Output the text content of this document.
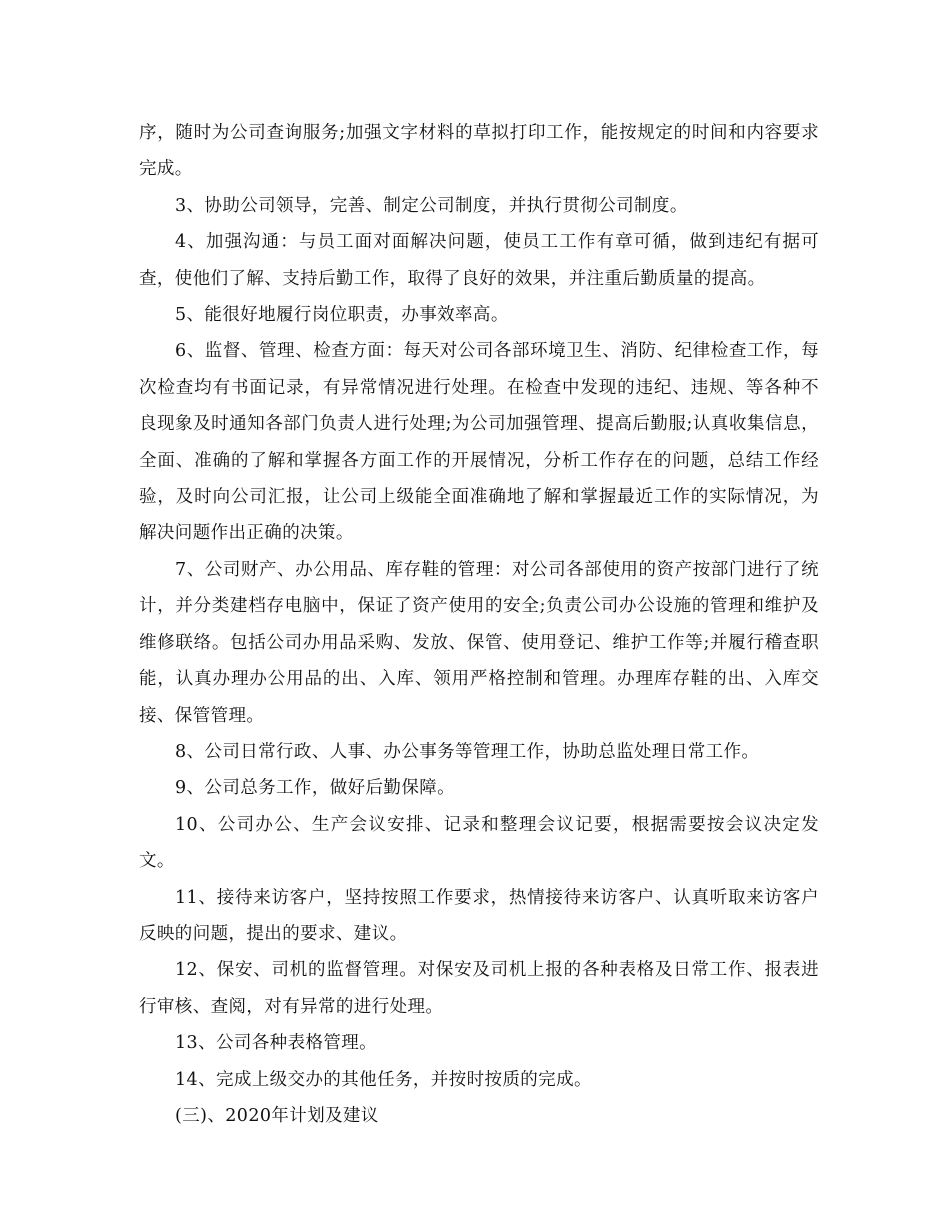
序，随时为公司查询服务;加强文字材料的草拟打印工作，能按规定的时间和内容要求完成。

3、协助公司领导，完善、制定公司制度，并执行贯彻公司制度。

4、加强沟通：与员工面对面解决问题，使员工工作有章可循，做到违纪有据可查，使他们了解、支持后勤工作，取得了良好的效果，并注重后勤质量的提高。

5、能很好地履行岗位职责，办事效率高。

6、监督、管理、检查方面：每天对公司各部环境卫生、消防、纪律检查工作，每次检查均有书面记录，有异常情况进行处理。在检查中发现的违纪、违规、等各种不良现象及时通知各部门负责人进行处理;为公司加强管理、提高后勤服;认真收集信息，全面、准确的了解和掌握各方面工作的开展情况，分析工作存在的问题，总结工作经验，及时向公司汇报，让公司上级能全面准确地了解和掌握最近工作的实际情况，为解决问题作出正确的决策。

7、公司财产、办公用品、库存鞋的管理：对公司各部使用的资产按部门进行了统计，并分类建档存电脑中，保证了资产使用的安全;负责公司办公设施的管理和维护及维修联络。包括公司办用品采购、发放、保管、使用登记、维护工作等;并履行稽查职能，认真办理办公用品的出、入库、领用严格控制和管理。办理库存鞋的出、入库交接、保管管理。

8、公司日常行政、人事、办公事务等管理工作，协助总监处理日常工作。

9、公司总务工作，做好后勤保障。

10、公司办公、生产会议安排、记录和整理会议记要，根据需要按会议决定发文。

11、接待来访客户，坚持按照工作要求，热情接待来访客户、认真听取来访客户反映的问题，提出的要求、建议。

12、保安、司机的监督管理。对保安及司机上报的各种表格及日常工作、报表进行审核、查阅，对有异常的进行处理。

13、公司各种表格管理。

14、完成上级交办的其他任务，并按时按质的完成。

(三)、2020年计划及建议
